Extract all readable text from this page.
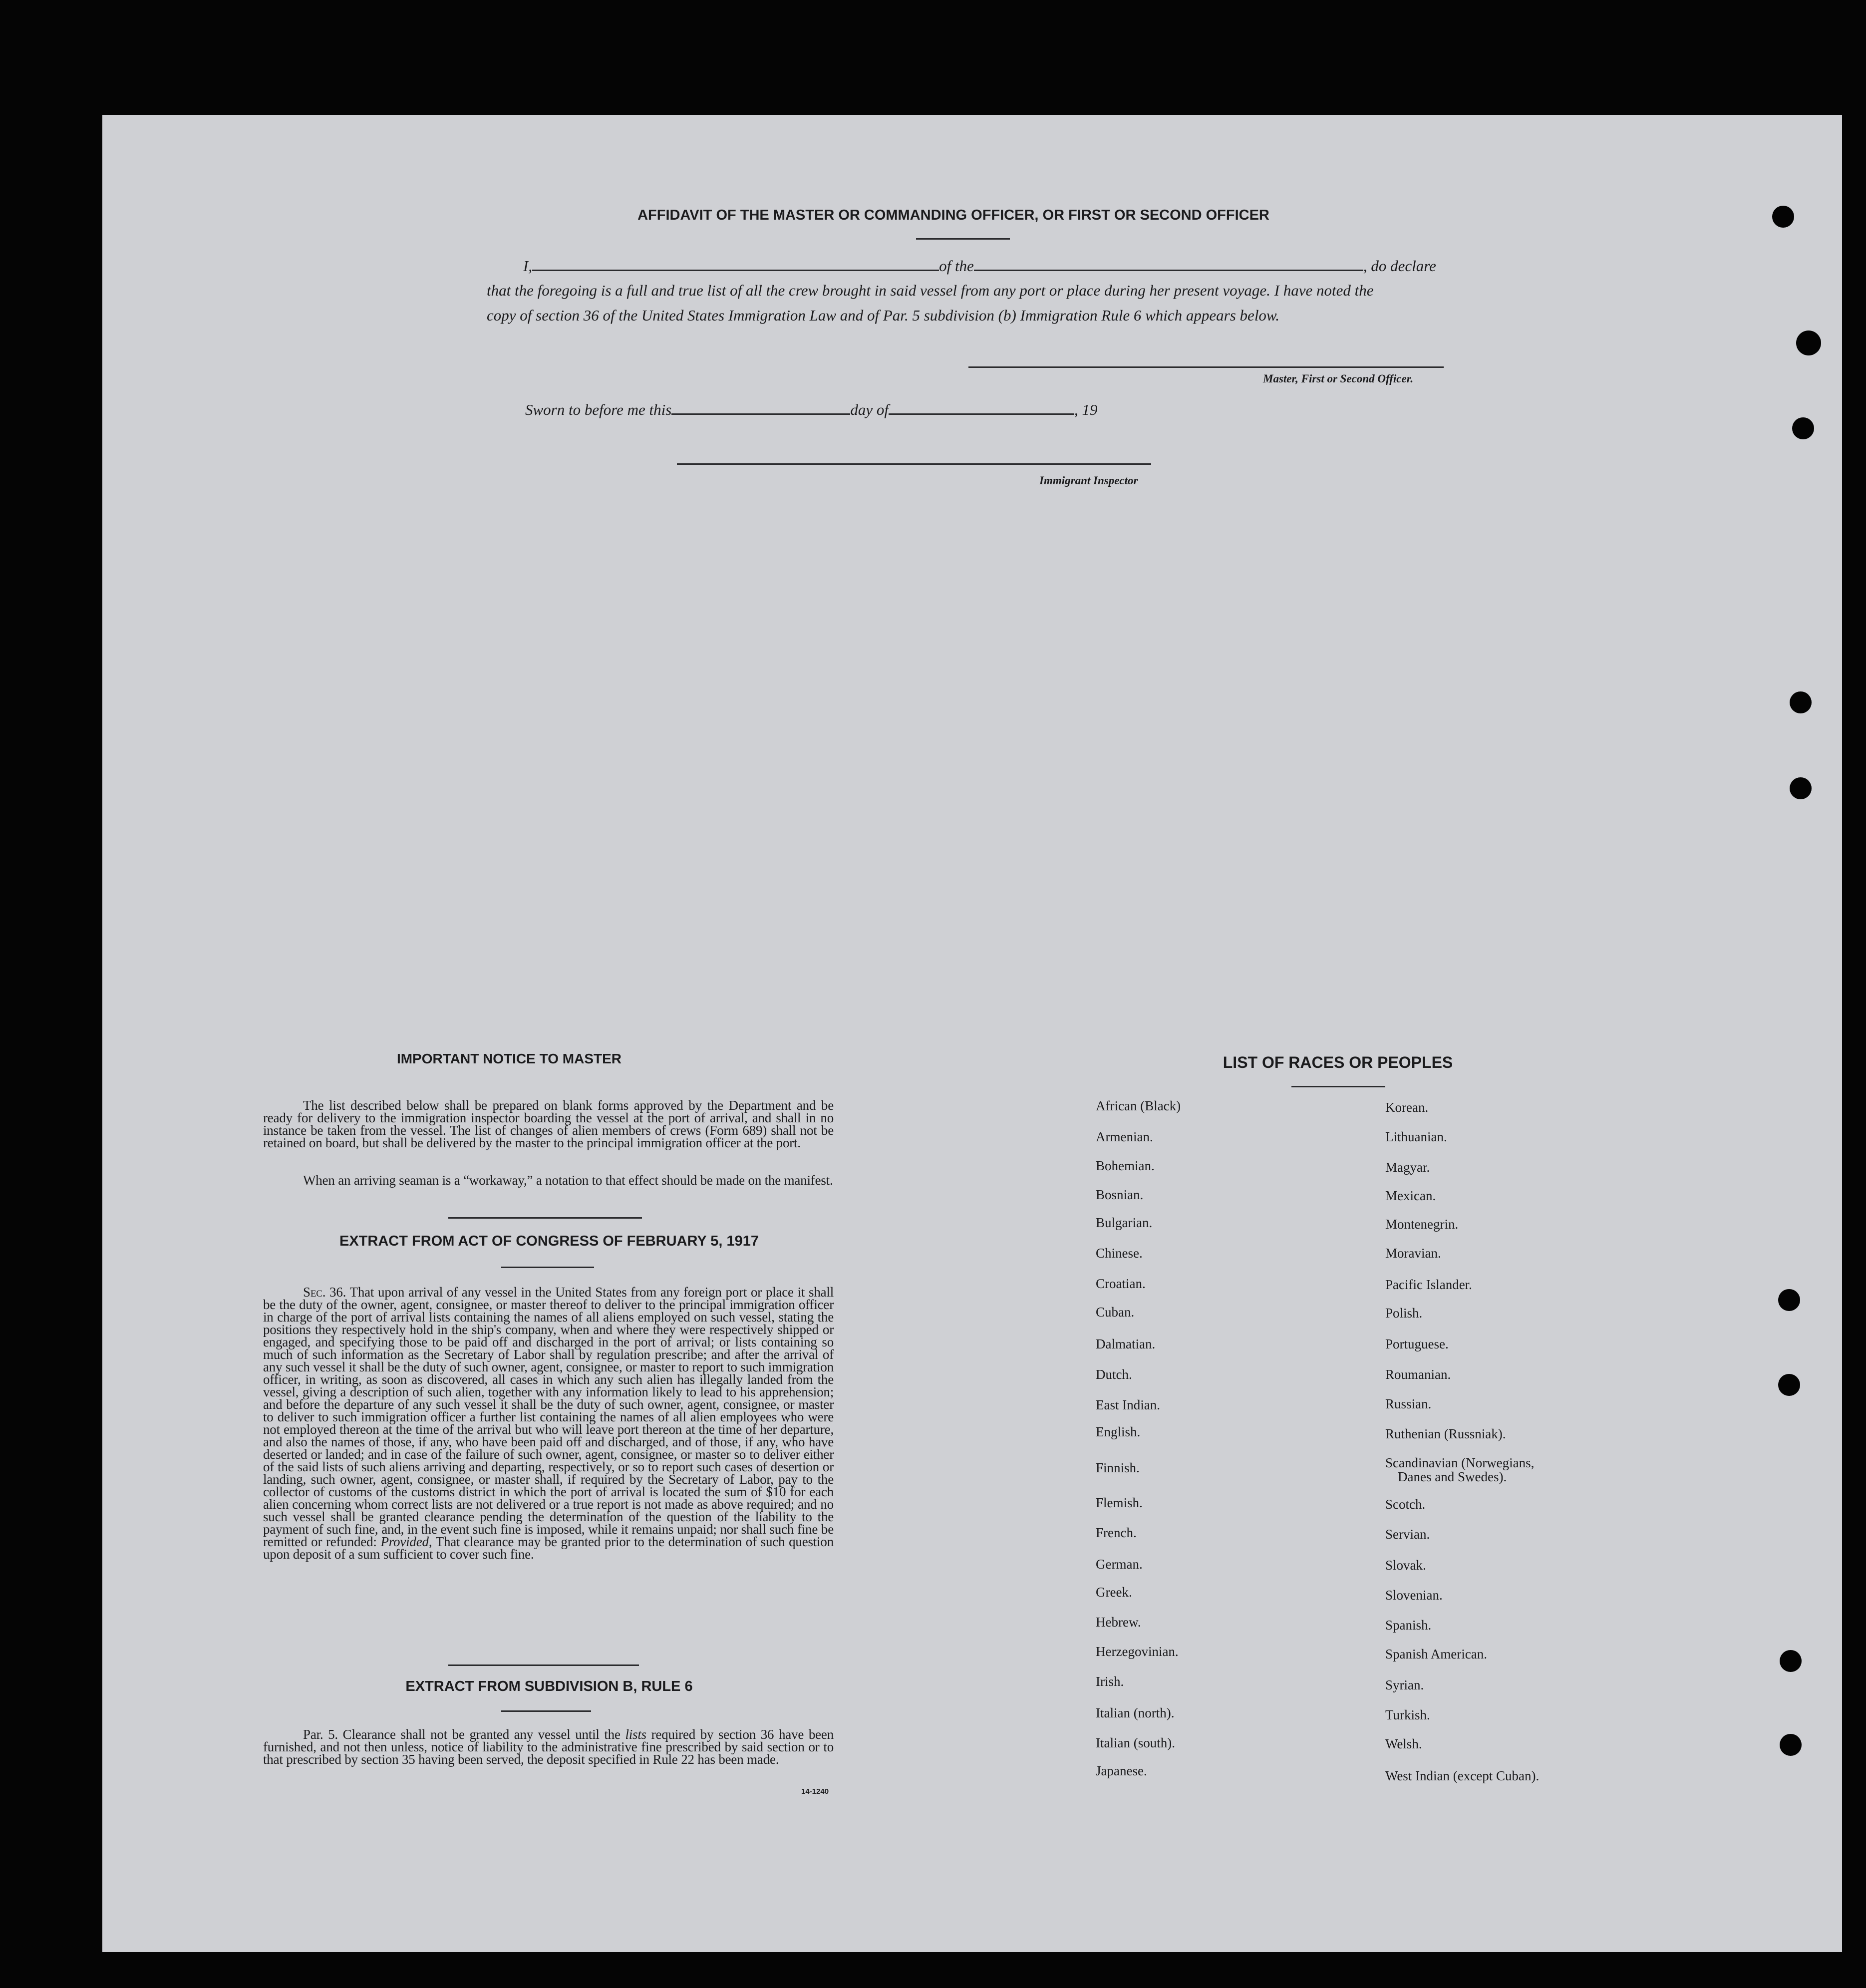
AFFIDAVIT OF THE MASTER OR COMMANDING OFFICER, OR FIRST OR SECOND OFFICER
I,	of the	, do declare
that the foregoing is a full and true list of all the crew brought in said vessel from any port or place during her present voyage. I have noted the
copy of section 36 of the United States Immigration Law and of Par. 5 subdivision (b) Immigration Rule 6 which appears below.
Master, First or Second Officer.
Sworn to before me this	day of	, 19
Immigrant Inspector
IMPORTANT NOTICE TO MASTER
The list described below shall be prepared on blank forms approved by the Department and be ready for delivery to the immigration inspector boarding the vessel at the port of arrival, and shall in no instance be taken from the vessel. The list of changes of alien members of crews (Form 689) shall not be retained on board, but shall be delivered by the master to the principal immigration officer at the port.
When an arriving seaman is a “workaway,” a notation to that effect should be made on the manifest.
EXTRACT FROM ACT OF CONGRESS OF FEBRUARY 5, 1917
Sec. 36. That upon arrival of any vessel in the United States from any foreign port or place it shall be the duty of the owner, agent, consignee, or master thereof to deliver to the principal immigration officer in charge of the port of arrival lists containing the names of all aliens employed on such vessel, stating the positions they respectively hold in the ship's company, when and where they were respectively shipped or engaged, and specifying those to be paid off and discharged in the port of arrival; or lists containing so much of such information as the Secretary of Labor shall by regulation prescribe; and after the arrival of any such vessel it shall be the duty of such owner, agent, consignee, or master to report to such immigration officer, in writing, as soon as discovered, all cases in which any such alien has illegally landed from the vessel, giving a description of such alien, together with any information likely to lead to his apprehension; and before the departure of any such vessel it shall be the duty of such owner, agent, consignee, or master to deliver to such immigration officer a further list containing the names of all alien employees who were not employed thereon at the time of the arrival but who will leave port thereon at the time of her departure, and also the names of those, if any, who have been paid off and discharged, and of those, if any, who have deserted or landed; and in case of the failure of such owner, agent, consignee, or master so to deliver either of the said lists of such aliens arriving and departing, respectively, or so to report such cases of desertion or landing, such owner, agent, consignee, or master shall, if required by the Secretary of Labor, pay to the collector of customs of the customs district in which the port of arrival is located the sum of $10 for each alien concerning whom correct lists are not delivered or a true report is not made as above required; and no such vessel shall be granted clearance pending the determination of the question of the liability to the payment of such fine, and, in the event such fine is imposed, while it remains unpaid; nor shall such fine be remitted or refunded: Provided, That clearance may be granted prior to the determination of such question upon deposit of a sum sufficient to cover such fine.
EXTRACT FROM SUBDIVISION B, RULE 6
Par. 5. Clearance shall not be granted any vessel until the lists required by section 36 have been furnished, and not then unless, notice of liability to the administrative fine prescribed by said section or to that prescribed by section 35 having been served, the deposit specified in Rule 22 has been made.
14-1240
LIST OF RACES OR PEOPLES
African (Black)
Armenian.
Bohemian.
Bosnian.
Bulgarian.
Chinese.
Croatian.
Cuban.
Dalmatian.
Dutch.
East Indian.
English.
Finnish.
Flemish.
French.
German.
Greek.
Hebrew.
Herzegovinian.
Irish.
Italian (north).
Italian (south).
Japanese.
Korean.
Lithuanian.
Magyar.
Mexican.
Montenegrin.
Moravian.
Pacific Islander.
Polish.
Portuguese.
Roumanian.
Russian.
Ruthenian (Russniak).
Scandinavian (Norwegians,
Scotch.
Servian.
Slovak.
Slovenian.
Spanish.
Spanish American.
Syrian.
Turkish.
Welsh.
West Indian (except Cuban).
Danes and Swedes).
